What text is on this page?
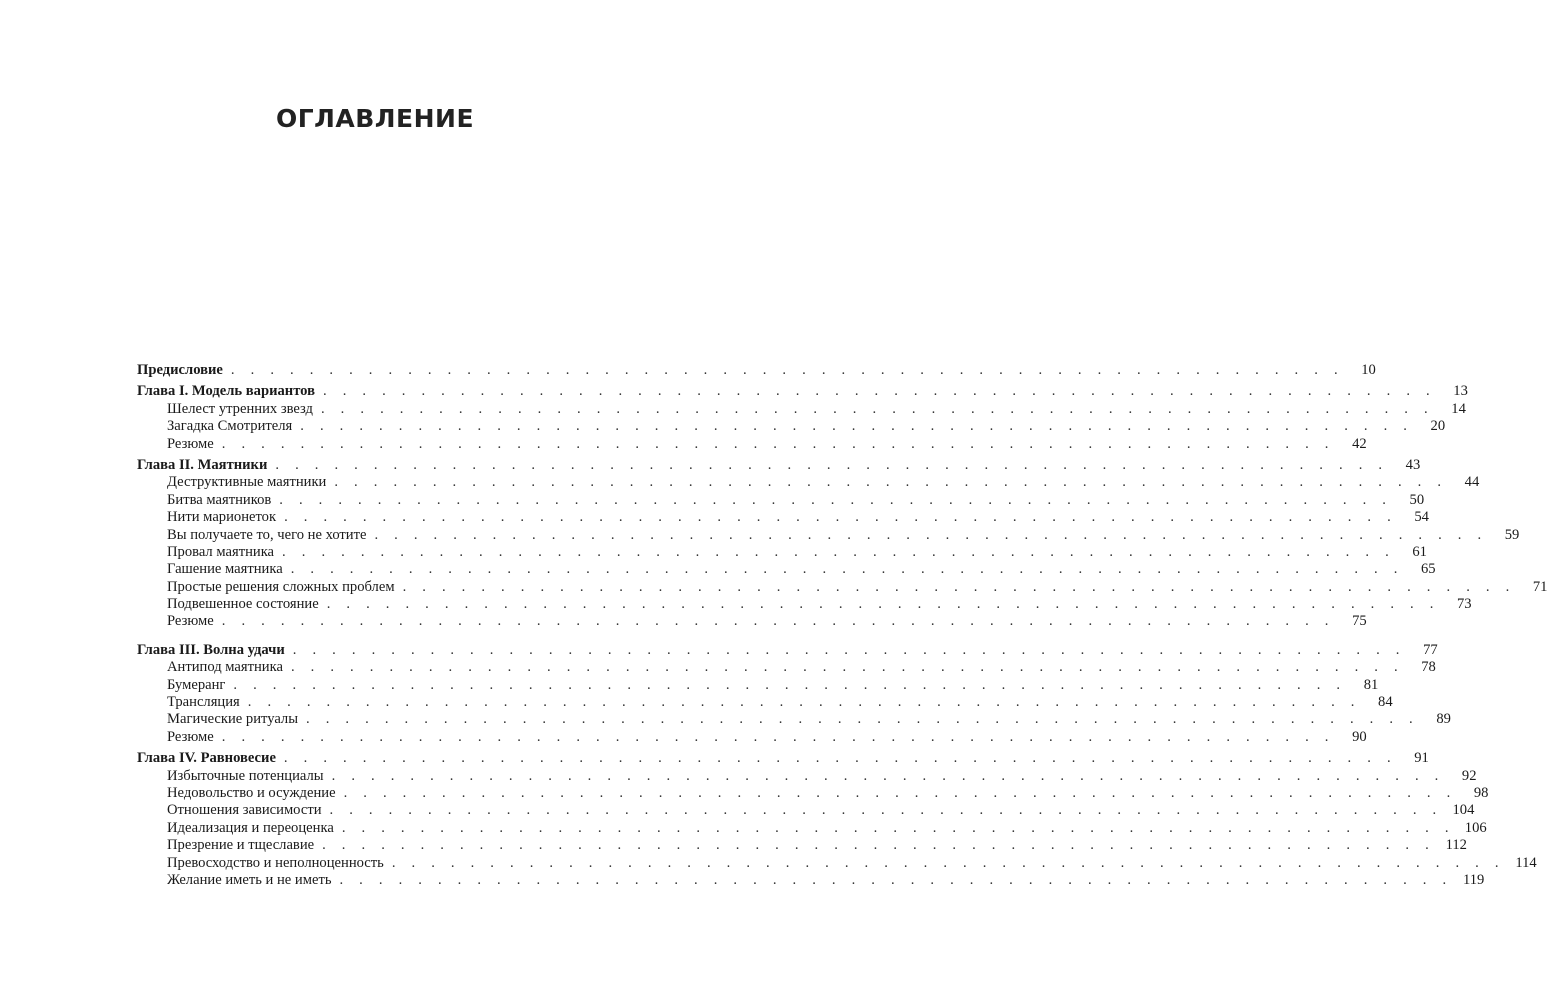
ОГЛАВЛЕНИЕ
Предисловие . . . . . . . . . . . . . . . . . . . . . . . . . . . . . . . . . . . . . . . . . . . . . . . . . . . . . . . . .	10
Глава I. Модель вариантов . . . . . . . . . . . . . . . . . . . . . . . . . . . . . . . . . . . . . . . . . . . . . . . . . . . . . . . . .	13
Шелест утренних звезд . . . . . . . . . . . . . . . . . . . . . . . . . . . . . . . . . . . . . . . . . . . . . . . . . . . . . . . . .	14
Загадка Смотрителя . . . . . . . . . . . . . . . . . . . . . . . . . . . . . . . . . . . . . . . . . . . . . . . . . . . . . . . . .	20
Резюме . . . . . . . . . . . . . . . . . . . . . . . . . . . . . . . . . . . . . . . . . . . . . . . . . . . . . . . . .	42
Глава II. Маятники . . . . . . . . . . . . . . . . . . . . . . . . . . . . . . . . . . . . . . . . . . . . . . . . . . . . . . . . .	43
Деструктивные маятники . . . . . . . . . . . . . . . . . . . . . . . . . . . . . . . . . . . . . . . . . . . . . . . . . . . . . . . . .	44
Битва маятников . . . . . . . . . . . . . . . . . . . . . . . . . . . . . . . . . . . . . . . . . . . . . . . . . . . . . . . . .	50
Нити марионеток . . . . . . . . . . . . . . . . . . . . . . . . . . . . . . . . . . . . . . . . . . . . . . . . . . . . . . . . .	54
Вы получаете то, чего не хотите . . . . . . . . . . . . . . . . . . . . . . . . . . . . . . . . . . . . . . . . . . . . . . . . . . . . . . . . .	59
Провал маятника . . . . . . . . . . . . . . . . . . . . . . . . . . . . . . . . . . . . . . . . . . . . . . . . . . . . . . . . .	61
Гашение маятника . . . . . . . . . . . . . . . . . . . . . . . . . . . . . . . . . . . . . . . . . . . . . . . . . . . . . . . . .	65
Простые решения сложных проблем . . . . . . . . . . . . . . . . . . . . . . . . . . . . . . . . . . . . . . . . . . . . . . . . . . . . . . . . .	71
Подвешенное состояние . . . . . . . . . . . . . . . . . . . . . . . . . . . . . . . . . . . . . . . . . . . . . . . . . . . . . . . . .	73
Резюме . . . . . . . . . . . . . . . . . . . . . . . . . . . . . . . . . . . . . . . . . . . . . . . . . . . . . . . . .	75
Глава III. Волна удачи . . . . . . . . . . . . . . . . . . . . . . . . . . . . . . . . . . . . . . . . . . . . . . . . . . . . . . . . .	77
Антипод маятника . . . . . . . . . . . . . . . . . . . . . . . . . . . . . . . . . . . . . . . . . . . . . . . . . . . . . . . . .	78
Бумеранг . . . . . . . . . . . . . . . . . . . . . . . . . . . . . . . . . . . . . . . . . . . . . . . . . . . . . . . . .	81
Трансляция . . . . . . . . . . . . . . . . . . . . . . . . . . . . . . . . . . . . . . . . . . . . . . . . . . . . . . . . .	84
Магические ритуалы . . . . . . . . . . . . . . . . . . . . . . . . . . . . . . . . . . . . . . . . . . . . . . . . . . . . . . . . .	89
Резюме . . . . . . . . . . . . . . . . . . . . . . . . . . . . . . . . . . . . . . . . . . . . . . . . . . . . . . . . .	90
Глава IV. Равновесие . . . . . . . . . . . . . . . . . . . . . . . . . . . . . . . . . . . . . . . . . . . . . . . . . . . . . . . . .	91
Избыточные потенциалы . . . . . . . . . . . . . . . . . . . . . . . . . . . . . . . . . . . . . . . . . . . . . . . . . . . . . . . . .	92
Недовольство и осуждение . . . . . . . . . . . . . . . . . . . . . . . . . . . . . . . . . . . . . . . . . . . . . . . . . . . . . . . . .	98
Отношения зависимости . . . . . . . . . . . . . . . . . . . . . . . . . . . . . . . . . . . . . . . . . . . . . . . . . . . . . . . . . 104
Идеализация и переоценка . . . . . . . . . . . . . . . . . . . . . . . . . . . . . . . . . . . . . . . . . . . . . . . . . . . . . . . . . 106
Презрение и тщеславие . . . . . . . . . . . . . . . . . . . . . . . . . . . . . . . . . . . . . . . . . . . . . . . . . . . . . . . . . 112
Превосходство и неполноценность . . . . . . . . . . . . . . . . . . . . . . . . . . . . . . . . . . . . . . . . . . . . . . . . . . . . . . . . . 114
Желание иметь и не иметь . . . . . . . . . . . . . . . . . . . . . . . . . . . . . . . . . . . . . . . . . . . . . . . . . . . . . . . . . 119
